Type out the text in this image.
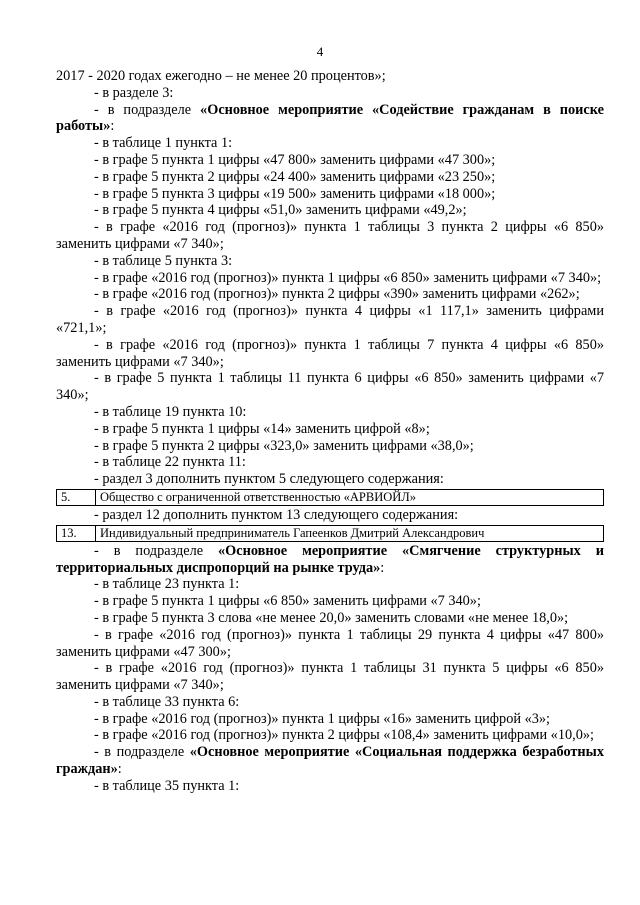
4

2017 - 2020 годах ежегодно – не менее 20 процентов»;

- в разделе 3:

- в подразделе «Основное мероприятие «Содействие гражданам в поиске работы»:

- в таблице 1 пункта 1:

- в графе 5 пункта 1 цифры «47 800» заменить цифрами «47 300»;

- в графе 5 пункта 2 цифры «24 400» заменить цифрами «23 250»;

- в графе 5 пункта 3 цифры «19 500» заменить цифрами «18 000»;

- в графе 5 пункта 4 цифры «51,0» заменить цифрами «49,2»;

- в графе «2016 год (прогноз)» пункта 1 таблицы 3 пункта 2 цифры «6 850» заменить цифрами «7 340»;

- в таблице 5 пункта 3:

- в графе «2016 год (прогноз)» пункта 1 цифры «6 850» заменить цифрами «7 340»;

- в графе «2016 год (прогноз)» пункта 2 цифры «390» заменить цифрами «262»;

- в графе «2016 год (прогноз)» пункта 4 цифры «1 117,1» заменить цифрами «721,1»;

- в графе «2016 год (прогноз)» пункта 1 таблицы 7 пункта 4 цифры «6 850» заменить цифрами «7 340»;

- в графе 5 пункта 1 таблицы 11 пункта 6 цифры «6 850» заменить цифрами «7 340»;

- в таблице 19 пункта 10:

- в графе 5 пункта 1 цифры «14» заменить цифрой «8»;

- в графе 5 пункта 2 цифры «323,0» заменить цифрами «38,0»;

- в таблице 22 пункта 11:

- раздел 3 дополнить пунктом 5 следующего содержания:

5.	Общество с ограниченной ответственностью «АРВИОЙЛ»

- раздел 12 дополнить пунктом 13 следующего содержания:

13.	Индивидуальный предприниматель Гапеенков Дмитрий Александрович

- в подразделе «Основное мероприятие «Смягчение структурных и территориальных диспропорций на рынке труда»:

- в таблице 23 пункта 1:

- в графе 5 пункта 1 цифры «6 850» заменить цифрами «7 340»;

- в графе 5 пункта 3 слова «не менее 20,0» заменить словами «не менее 18,0»;

- в графе «2016 год (прогноз)» пункта 1 таблицы 29 пункта 4 цифры «47 800» заменить цифрами «47 300»;

- в графе «2016 год (прогноз)» пункта 1 таблицы 31 пункта 5 цифры «6 850» заменить цифрами «7 340»;

- в таблице 33 пункта 6:

- в графе «2016 год (прогноз)» пункта 1 цифры «16» заменить цифрой «3»;

- в графе «2016 год (прогноз)» пункта 2 цифры «108,4» заменить цифрами «10,0»;

- в подразделе «Основное мероприятие «Социальная поддержка безработных граждан»:

- в таблице 35 пункта 1:
